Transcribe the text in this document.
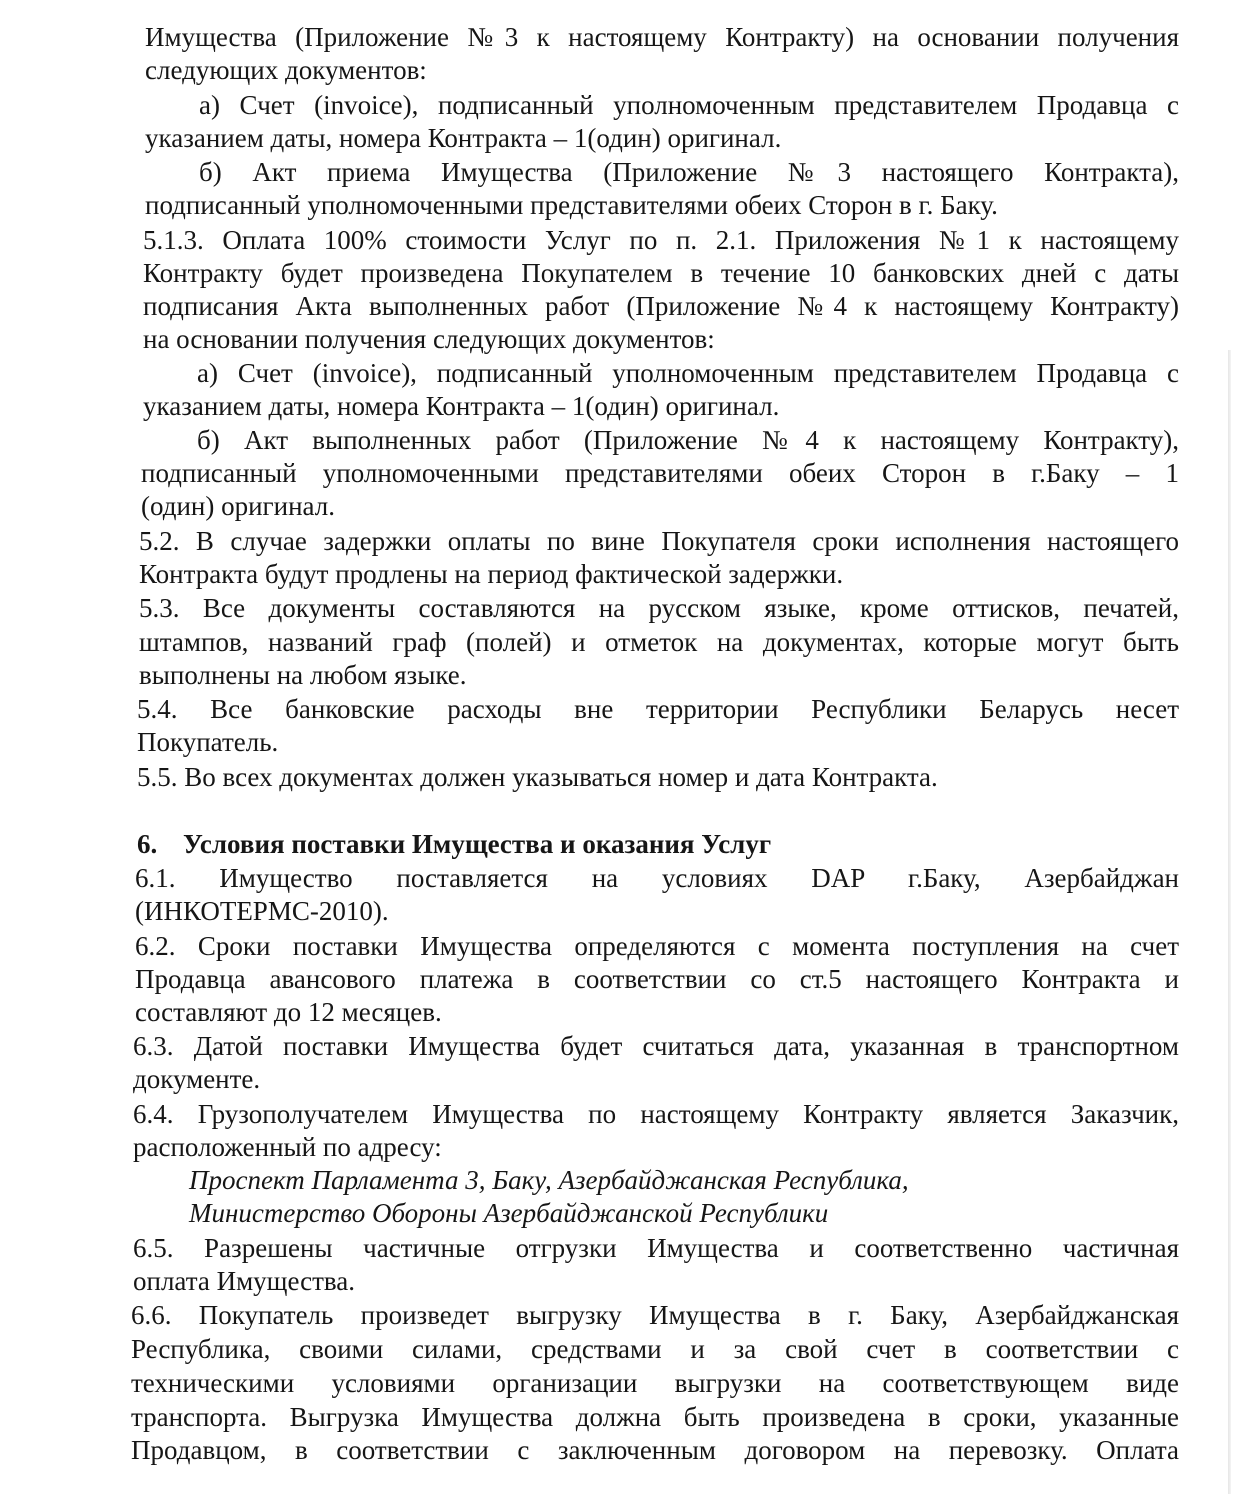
Имущества (Приложение №3 к настоящему Контракту) на основании получения
следующих документов:
а) Счет (invoice), подписанный уполномоченным представителем Продавца с
указанием даты, номера Контракта – 1(один) оригинал.
б) Акт приема Имущества (Приложение №3 настоящего Контракта),
подписанный уполномоченными представителями обеих Сторон в г. Баку.
5.1.3. Оплата 100% стоимости Услуг по п. 2.1. Приложения №1 к настоящему
Контракту будет произведена Покупателем в течение 10 банковских дней с даты
подписания Акта выполненных работ (Приложение №4 к настоящему Контракту)
на основании получения следующих документов:
а) Счет (invoice), подписанный уполномоченным представителем Продавца с
указанием даты, номера Контракта – 1(один) оригинал.
б) Акт выполненных работ (Приложение №4 к настоящему Контракту),
подписанный уполномоченными представителями обеих Сторон в г.Баку – 1
(один) оригинал.
5.2. В случае задержки оплаты по вине Покупателя сроки исполнения настоящего
Контракта будут продлены на период фактической задержки.
5.3. Все документы составляются на русском языке, кроме оттисков, печатей,
штампов, названий граф (полей) и отметок на документах, которые могут быть
выполнены на любом языке.
5.4. Все банковские расходы вне территории Республики Беларусь несет
Покупатель.
5.5. Во всех документах должен указываться номер и дата Контракта.
6. Условия поставки Имущества и оказания Услуг
6.1. Имущество поставляется на условиях DAP г.Баку, Азербайджан
(ИНКОТЕРМС-2010).
6.2. Сроки поставки Имущества определяются с момента поступления на счет
Продавца авансового платежа в соответствии со ст.5 настоящего Контракта и
составляют до 12 месяцев.
6.3. Датой поставки Имущества будет считаться дата, указанная в транспортном
документе.
6.4. Грузополучателем Имущества по настоящему Контракту является Заказчик,
расположенный по адресу:
Проспект Парламента 3, Баку, Азербайджанская Республика,
Министерство Обороны Азербайджанской Республики
6.5. Разрешены частичные отгрузки Имущества и соответственно частичная
оплата Имущества.
6.6. Покупатель произведет выгрузку Имущества в г. Баку, Азербайджанская
Республика, своими силами, средствами и за свой счет в соответствии с
техническими условиями организации выгрузки на соответствующем виде
транспорта. Выгрузка Имущества должна быть произведена в сроки, указанные
Продавцом, в соответствии с заключенным договором на перевозку. Оплата
